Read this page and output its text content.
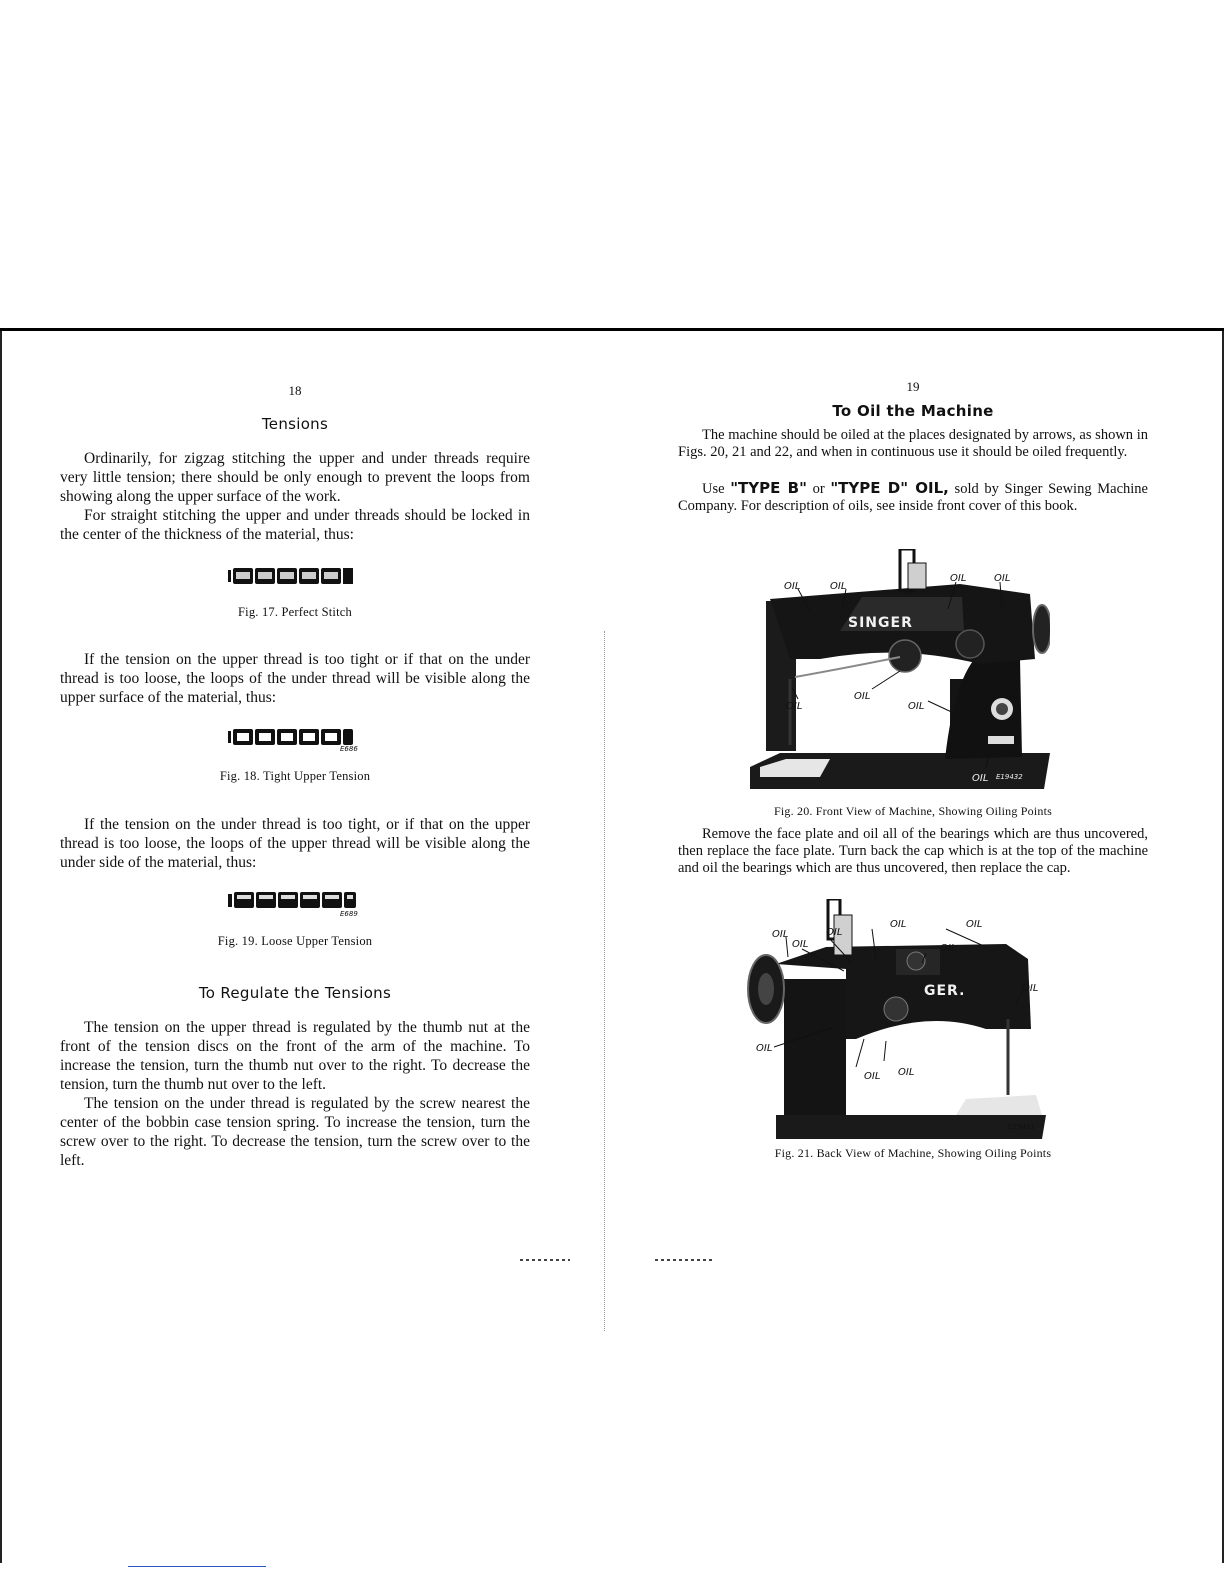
18
Tensions

Ordinarily, for zigzag stitching the upper and under threads require very little tension; there should be only enough to prevent the loops from showing along the upper surface of the work.

For straight stitching the upper and under threads should be locked in the center of the thickness of the material, thus:

Fig. 17. Perfect Stitch

If the tension on the upper thread is too tight or if that on the under thread is too loose, the loops of the under thread will be visible along the upper surface of the material, thus:

E686
Fig. 18. Tight Upper Tension

If the tension on the under thread is too tight, or if that on the upper thread is too loose, the loops of the upper thread will be visible along the under side of the material, thus:

E689
Fig. 19. Loose Upper Tension
To Regulate the Tensions

The tension on the upper thread is regulated by the thumb nut at the front of the tension discs on the front of the arm of the machine. To increase the tension, turn the thumb nut over to the right. To decrease the tension, turn the thumb nut over to the left.

The tension on the under thread is regulated by the screw nearest the center of the bobbin case tension spring. To increase the tension, turn the screw over to the right. To decrease the tension, turn the screw over to the left.

19
To Oil the Machine

The machine should be oiled at the places designated by arrows, as shown in Figs. 20, 21 and 22, and when in continuous use it should be oiled frequently.

Use "TYPE B" or "TYPE D" OIL, sold by Singer Sewing Machine Company. For description of oils, see inside front cover of this book.

SINGER
OIL	OIL
OIL	OIL
OIL
OIL
OIL
OIL E19432
Fig. 20. Front View of Machine, Showing Oiling Points

Remove the face plate and oil all of the bearings which are thus uncovered, then replace the face plate. Turn back the cap which is at the top of the machine and oil the bearings which are thus uncovered, then replace the cap.

GER.
OIL
OIL
OIL
OIL	OIL
OIL
OIL
OIL
OIL OIL
E19431
Fig. 21. Back View of Machine, Showing Oiling Points
